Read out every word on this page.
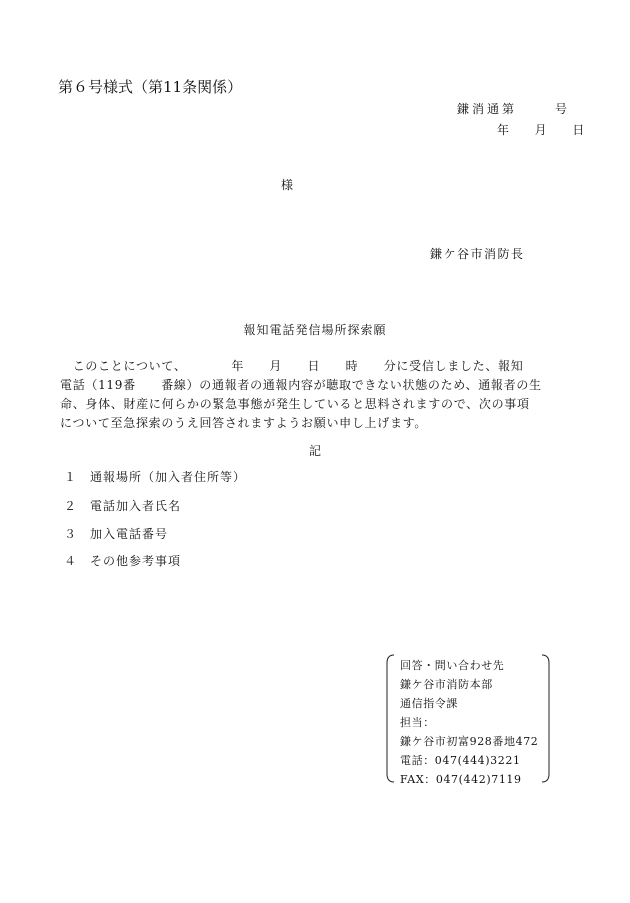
第６号様式（第11条関係）
鎌消通第	号
年 月 日
様
鎌ケ谷市消防長
報知電話発信場所探索願
　このことについて、　　　　年　　月　　日　　時　　分に受信しました、報知
電話（119番　　番線）の通報者の通報内容が聴取できない状態のため、通報者の生
命、身体、財産に何らかの緊急事態が発生していると思料されますので、次の事項
について至急探索のうえ回答されますようお願い申し上げます。
記
１ 通報場所（加入者住所等）
２ 電話加入者氏名
３ 加入電話番号
４ その他参考事項
回答・問い合わせ先
鎌ケ谷市消防本部
通信指令課
担当：
鎌ケ谷市初富928番地472
電話：047(444)3221
FAX：047(442)7119
